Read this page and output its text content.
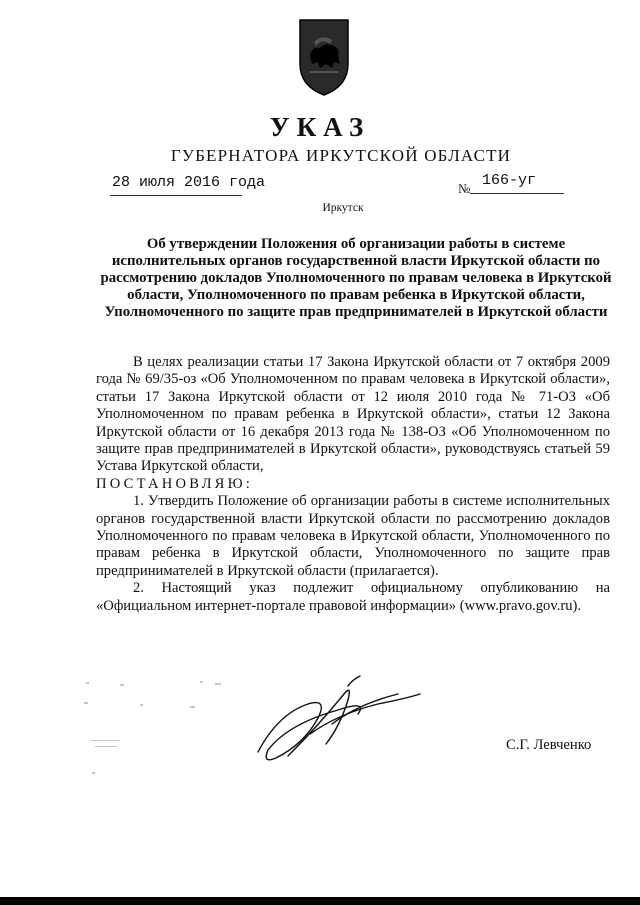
УКАЗ
ГУБЕРНАТОРА ИРКУТСКОЙ ОБЛАСТИ
28 июля 2016 года	№ 166-уг
Иркутск
Об утверждении Положения об организации работы в системе исполнительных органов государственной власти Иркутской области по рассмотрению докладов Уполномоченного по правам человека в Иркутской области, Уполномоченного по правам ребенка в Иркутской области, Уполномоченного по защите прав предпринимателей в Иркутской области

В целях реализации статьи 17 Закона Иркутской области от 7 октября 2009 года № 69/35-оз «Об Уполномоченном по правам человека в Иркутской области», статьи 17 Закона Иркутской области от 12 июля 2010 года № 71-ОЗ «Об Уполномоченном по правам ребенка в Иркутской области», статьи 12 Закона Иркутской области от 16 декабря 2013 года № 138-ОЗ «Об Уполномоченном по защите прав предпринимателей в Иркутской области», руководствуясь статьей 59 Устава Иркутской области,

ПОСТАНОВЛЯЮ:

1. Утвердить Положение об организации работы в системе исполнительных органов государственной власти Иркутской области по рассмотрению докладов Уполномоченного по правам человека в Иркутской области, Уполномоченного по правам ребенка в Иркутской области, Уполномоченного по защите прав предпринимателей в Иркутской области (прилагается).

2. Настоящий указ подлежит официальному опубликованию на «Официальном интернет-портале правовой информации» (www.pravo.gov.ru).

С.Г. Левченко
